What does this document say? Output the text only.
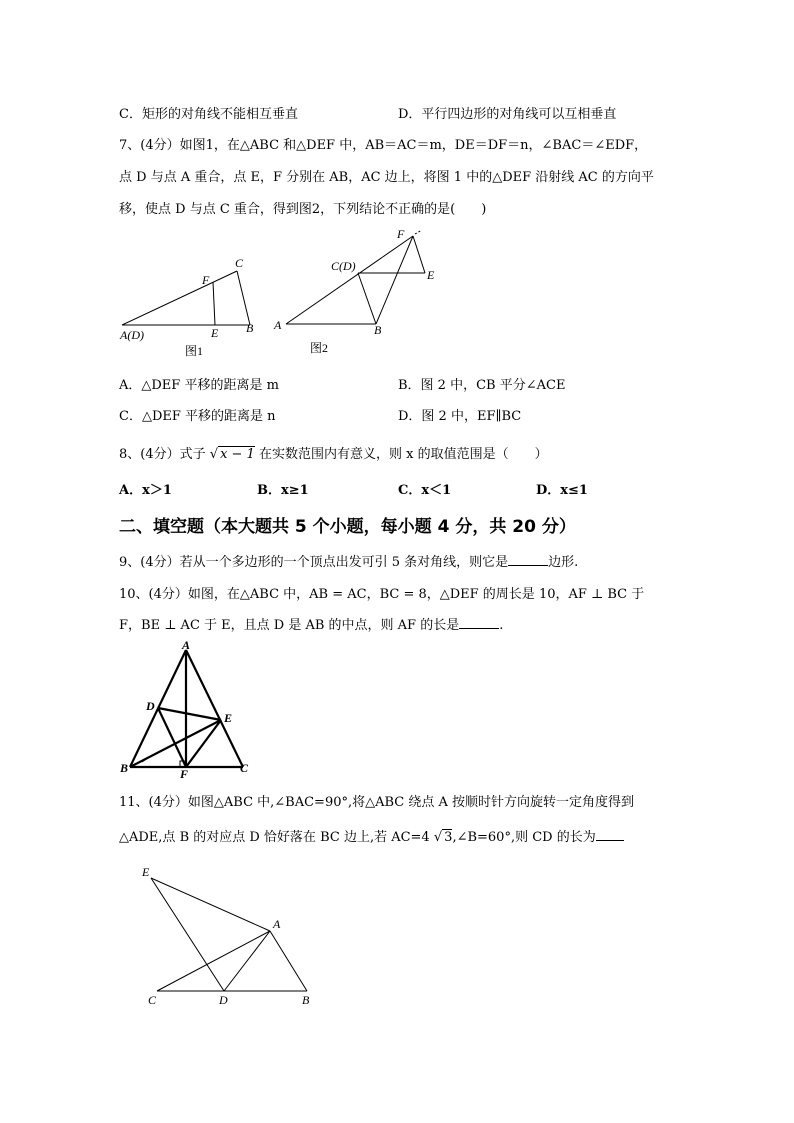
C．矩形的对角线不能相互垂直	D．平行四边形的对角线可以互相垂直
7、(4分）如图1，在△ABC 和△DEF 中，AB＝AC＝m，DE＝DF＝n，∠BAC＝∠EDF，
点 D 与点 A 重合，点 E，F 分别在 AB，AC 边上，将图 1 中的△DEF 沿射线 AC 的方向平
移，使点 D 与点 C 重合，得到图2，下列结论不正确的是(　　)
A(D)	B
C
E
F
图1
A	B
C(D)
E
F
图2
A．△DEF 平移的距离是 m	B．图 2 中，CB 平分∠ACE
C．△DEF 平移的距离是 n	D．图 2 中，EF∥BC
8、(4分）式子 √ x − 1 在实数范围内有意义，则 x 的取值范围是（　　）
A．x＞1	B．x≥1	C．x＜1	D．x≤1
二、填空题（本大题共 5 个小题，每小题 4 分，共 20 分）
9、(4分）若从一个多边形的一个顶点出发可引 5 条对角线，则它是	边形.
10、(4分）如图，在△ABC 中，AB = AC，BC = 8，△DEF 的周长是 10，AF ⊥ BC 于
F，BE ⊥ AC 于 E，且点 D 是 AB 的中点，则 AF 的长是	.
A
B	C
D
E
F
11、(4分）如图△ABC 中,∠BAC=90°,将△ABC 绕点 A 按顺时针方向旋转一定角度得到
△ADE,点 B 的对应点 D 恰好落在 BC 边上,若 AC=4 √ 3,∠B=60°,则 CD 的长为
E
A
C	D	B
